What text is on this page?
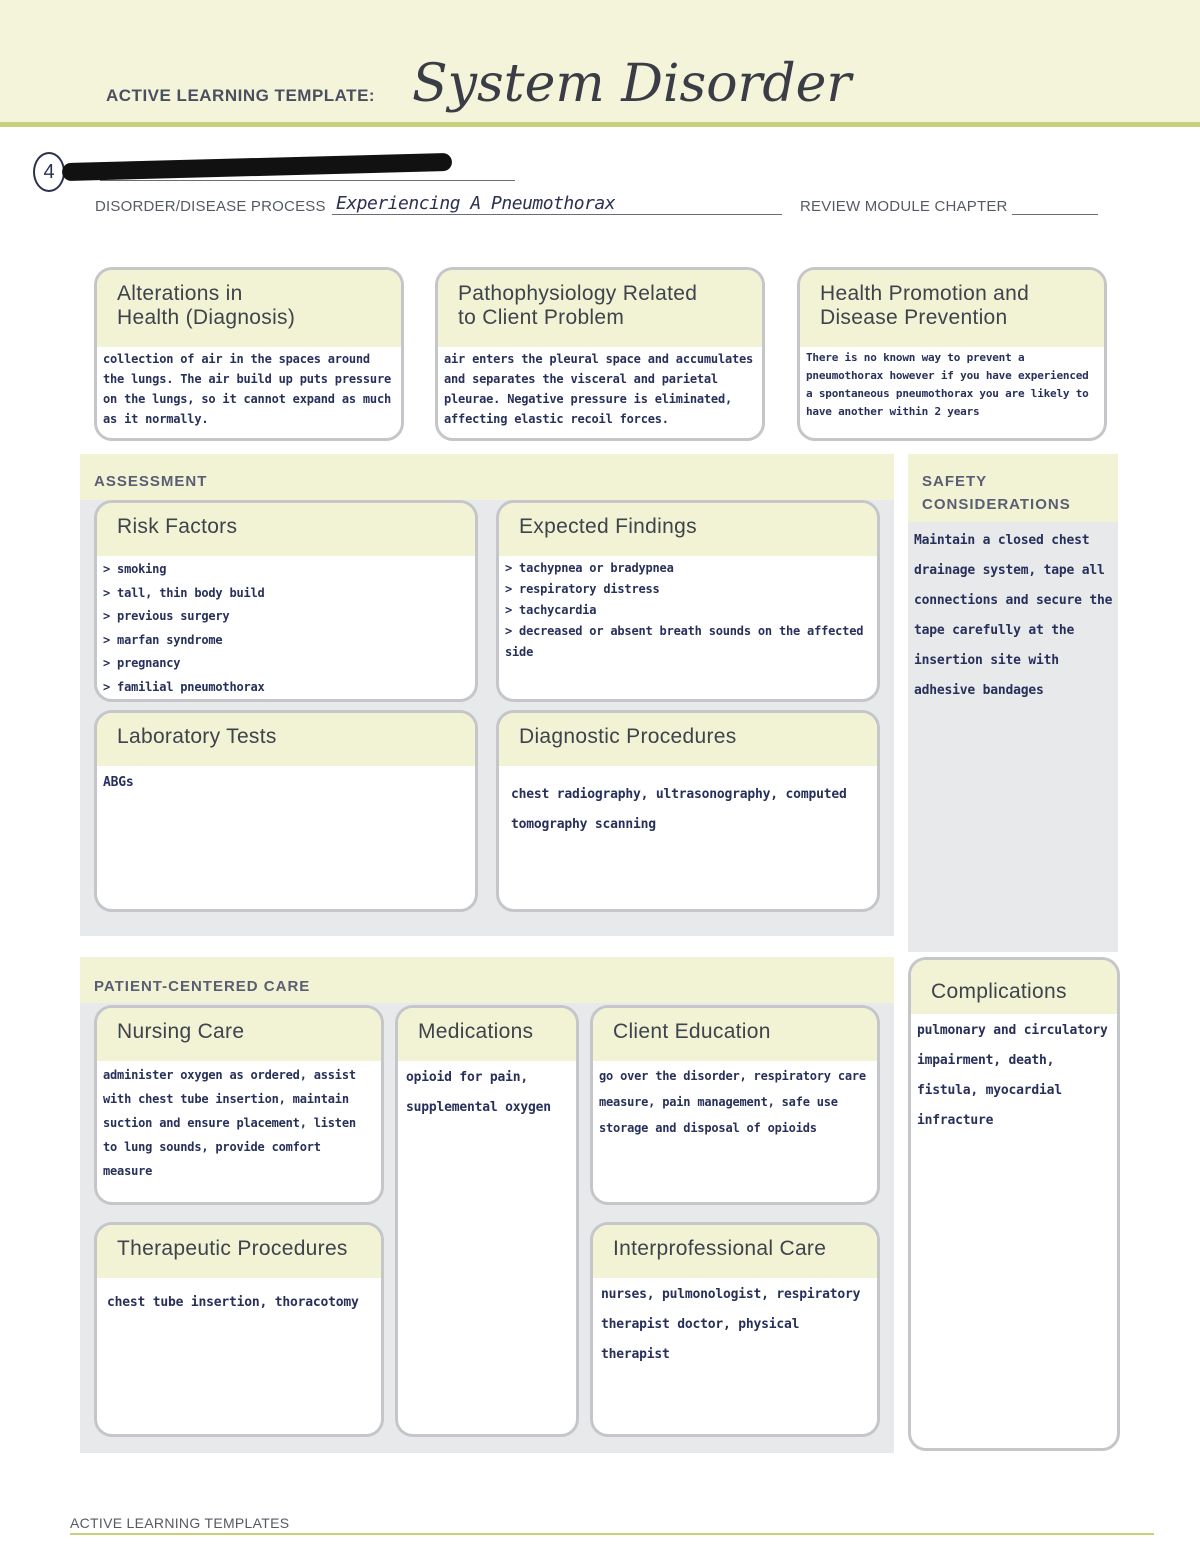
ACTIVE LEARNING TEMPLATE: System Disorder
4
DISORDER/DISEASE PROCESS Experiencing A Pneumothorax	REVIEW MODULE CHAPTER
Alterations in
Health (Diagnosis)
collection of air in the spaces around the lungs. The air build up puts pressure on the lungs, so it cannot expand as much as it normally.
Pathophysiology Related
to Client Problem
air enters the pleural space and accumulates and separates the visceral and parietal pleurae. Negative pressure is eliminated, affecting elastic recoil forces.
Health Promotion and
Disease Prevention
There is no known way to prevent a pneumothorax however if you have experienced a spontaneous pneumothorax you are likely to have another within 2 years
ASSESSMENT
Risk Factors
> smoking
> tall, thin body build
> previous surgery
> marfan syndrome
> pregnancy
> familial pneumothorax
Expected Findings
> tachypnea or bradypnea
> respiratory distress
> tachycardia
> decreased or absent breath sounds on the affected side
Laboratory Tests
ABGs
Diagnostic Procedures
chest radiography, ultrasonography, computed tomography scanning
SAFETY
CONSIDERATIONS
Maintain a closed chest drainage system, tape all connections and secure the tape carefully at the insertion site with adhesive bandages
PATIENT-CENTERED CARE
Nursing Care
administer oxygen as ordered, assist with chest tube insertion, maintain suction and ensure placement, listen to lung sounds, provide comfort measure
Medications
opioid for pain, supplemental oxygen
Client Education
go over the disorder, respiratory care measure, pain management, safe use storage and disposal of opioids
Therapeutic Procedures
chest tube insertion, thoracotomy
Interprofessional Care
nurses, pulmonologist, respiratory therapist doctor, physical therapist
Complications
pulmonary and circulatory impairment, death, fistula, myocardial infracture
ACTIVE LEARNING TEMPLATES
